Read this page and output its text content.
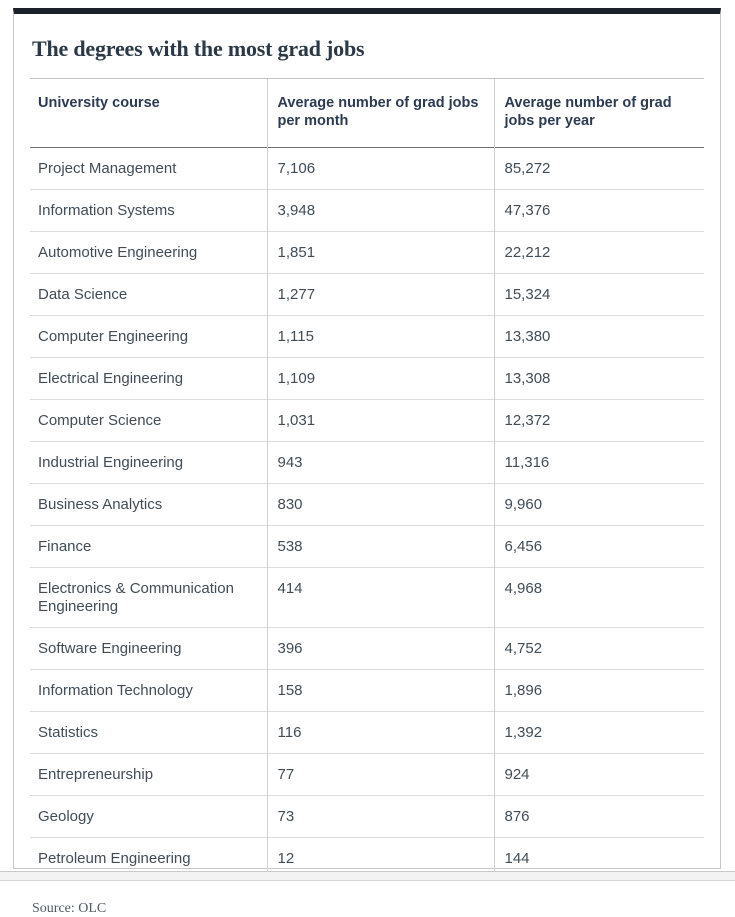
The degrees with the most grad jobs
University course	Average number of grad jobs per month	Average number of grad jobs per year
Project Management	7,106	85,272
Information Systems	3,948	47,376
Automotive Engineering	1,851	22,212
Data Science	1,277	15,324
Computer Engineering	1,115	13,380
Electrical Engineering	1,109	13,308
Computer Science	1,031	12,372
Industrial Engineering	943	11,316
Business Analytics	830	9,960
Finance	538	6,456
Electronics & Communication Engineering	414	4,968
Software Engineering	396	4,752
Information Technology	158	1,896
Statistics	116	1,392
Entrepreneurship	77	924
Geology	73	876
Petroleum Engineering	12	144
Source: OLC
